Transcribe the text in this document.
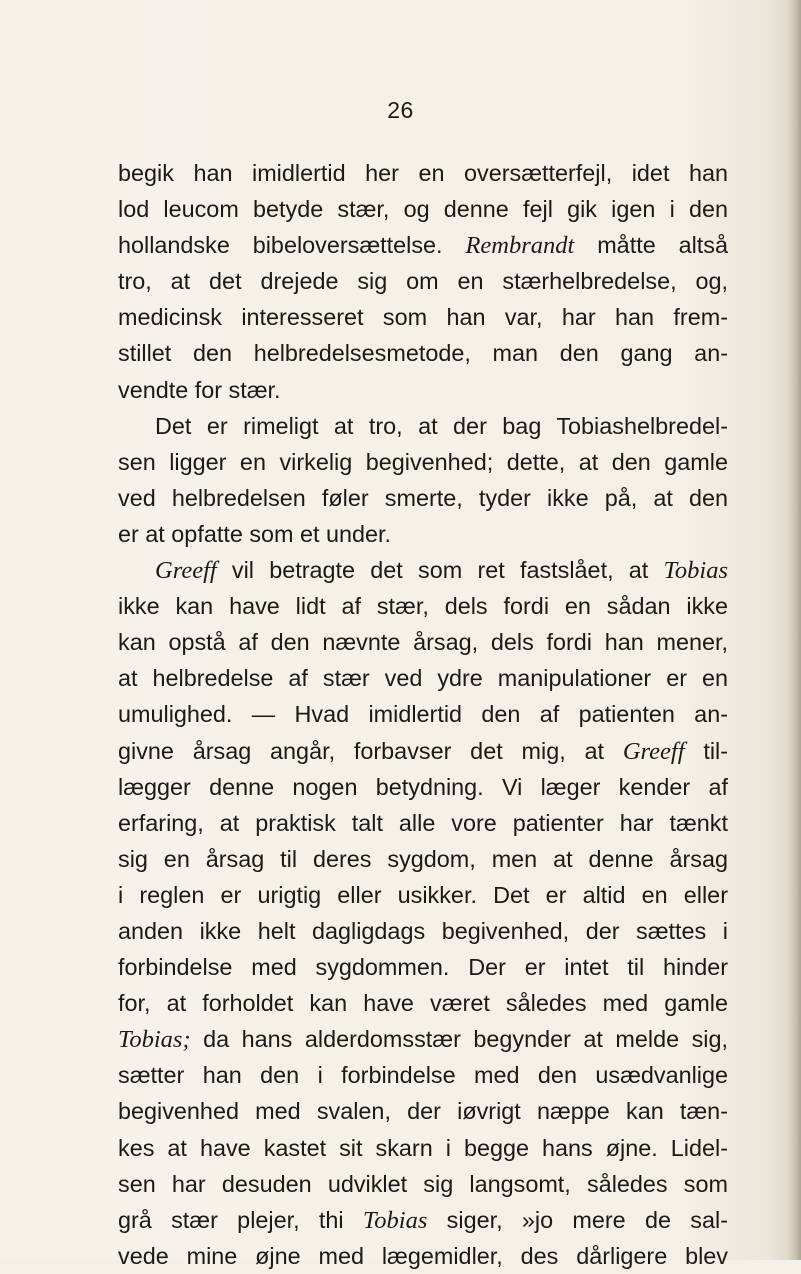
26
begik han imidlertid her en oversætterfejl, idet han
lod leucom betyde stær, og denne fejl gik igen i den
hollandske bibeloversættelse. Rembrandt måtte altså
tro, at det drejede sig om en stærhelbredelse, og,
medicinsk interesseret som han var, har han frem-
stillet den helbredelsesmetode, man den gang an-
vendte for stær.
Det er rimeligt at tro, at der bag Tobiashelbredel-
sen ligger en virkelig begivenhed; dette, at den gamle
ved helbredelsen føler smerte, tyder ikke på, at den
er at opfatte som et under.
Greeff vil betragte det som ret fastslået, at Tobias
ikke kan have lidt af stær, dels fordi en sådan ikke
kan opstå af den nævnte årsag, dels fordi han mener,
at helbredelse af stær ved ydre manipulationer er en
umulighed. — Hvad imidlertid den af patienten an-
givne årsag angår, forbavser det mig, at Greeff til-
lægger denne nogen betydning. Vi læger kender af
erfaring, at praktisk talt alle vore patienter har tænkt
sig en årsag til deres sygdom, men at denne årsag
i reglen er urigtig eller usikker. Det er altid en eller
anden ikke helt dagligdags begivenhed, der sættes i
forbindelse med sygdommen. Der er intet til hinder
for, at forholdet kan have været således med gamle
Tobias; da hans alderdomsstær begynder at melde sig,
sætter han den i forbindelse med den usædvanlige
begivenhed med svalen, der iøvrigt næppe kan tæn-
kes at have kastet sit skarn i begge hans øjne. Lidel-
sen har desuden udviklet sig langsomt, således som
grå stær plejer, thi Tobias siger, »jo mere de sal-
vede mine øjne med lægemidler, des dårligere blev
